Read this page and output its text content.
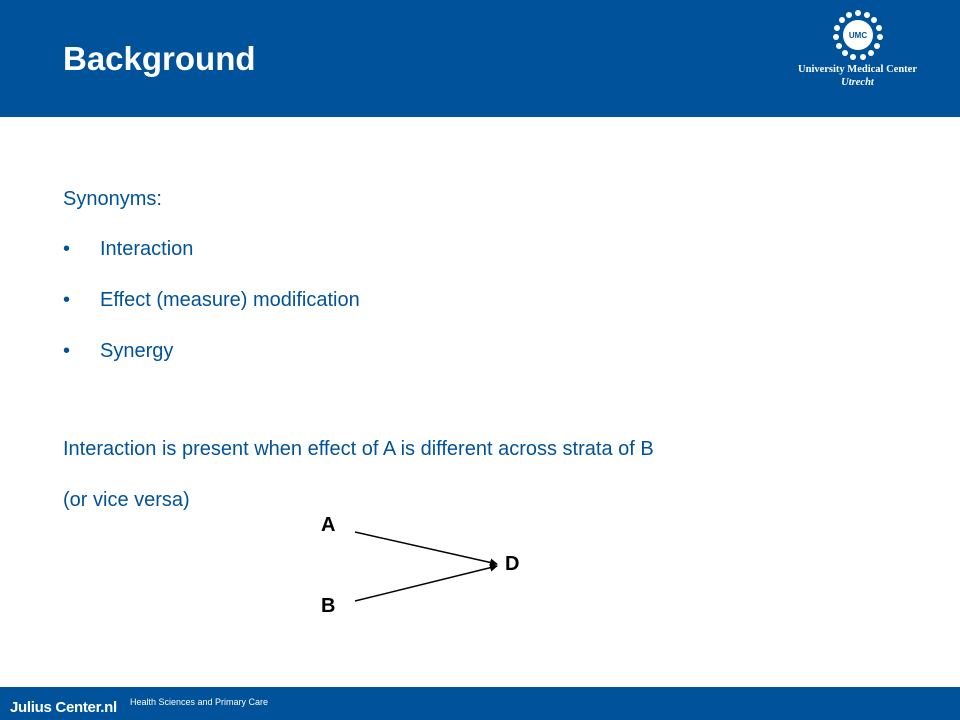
Background
UMC
University Medical Center
Utrecht
Synonyms:
• Interaction
• Effect (measure) modification
• Synergy
Interaction is present when effect of A is different across strata of B
(or vice versa)
A
B
D
Julius Center.nl Health Sciences and Primary Care
